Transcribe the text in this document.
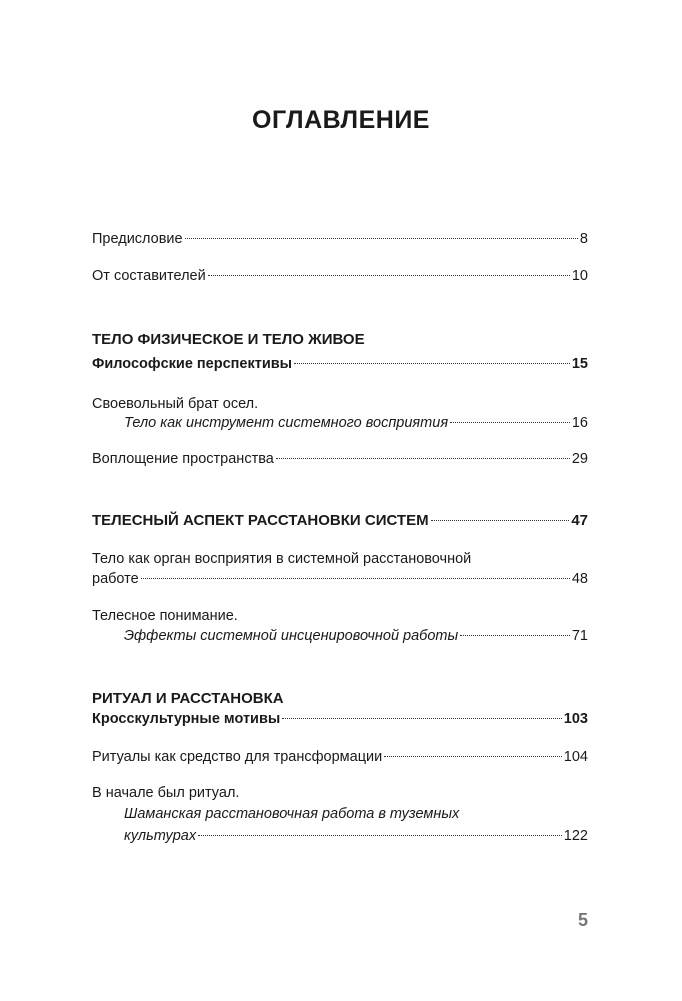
ОГЛАВЛЕНИЕ
Предисловие	8
От составителей	10
ТЕЛО ФИЗИЧЕСКОЕ И ТЕЛО ЖИВОЕ
Философские перспективы	15
Своевольный брат осел.
Тело как инструмент системного восприятия	16
Воплощение пространства	29
ТЕЛЕСНЫЙ АСПЕКТ РАССТАНОВКИ СИСТЕМ	47
Тело как орган восприятия в системной расстановочной
работе	48
Телесное понимание.
Эффекты системной инсценировочной работы	71
РИТУАЛ И РАССТАНОВКА
Кросскультурные мотивы	103
Ритуалы как средство для трансформации	104
В начале был ритуал.
Шаманская расстановочная работа в туземных
культурах	122
5
